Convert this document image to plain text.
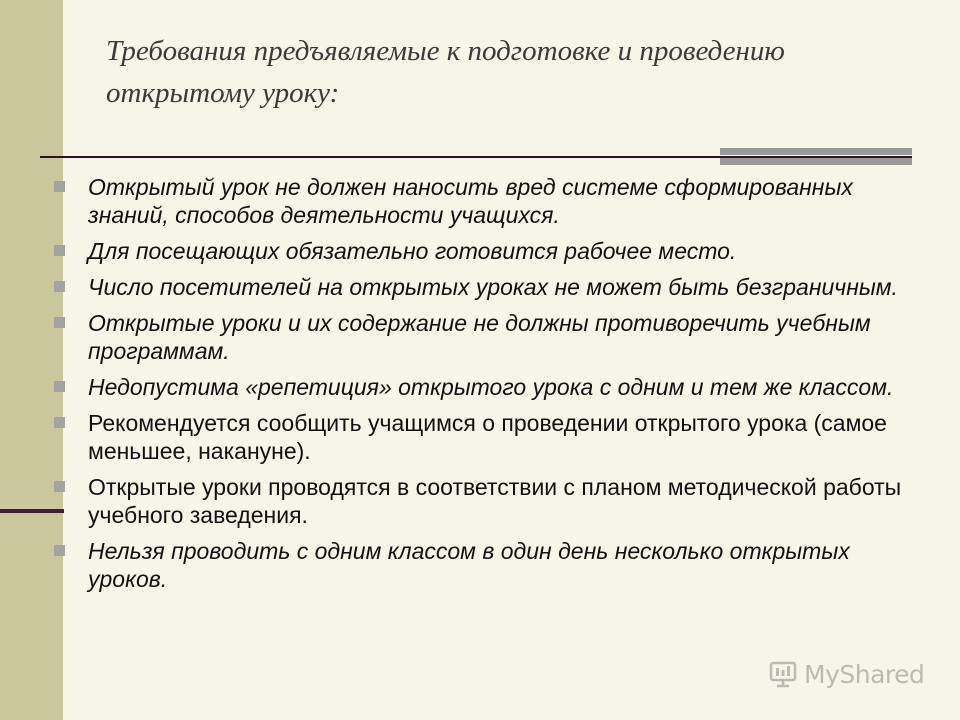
Требования предъявляемые к подготовке и проведению открытому уроку:
Открытый урок не должен наносить вред системе сформированных знаний, способов деятельности учащихся.
Для посещающих обязательно готовится рабочее место.
Число посетителей на открытых уроках не может быть безграничным.
Открытые уроки и их содержание не должны противоречить учебным программам.
Недопустима «репетиция» открытого урока с одним и тем же классом.
Рекомендуется сообщить учащимся о проведении открытого урока (самое меньшее, накануне).
Открытые уроки проводятся в соответствии с планом методической работы учебного заведения.
Нельзя проводить с одним классом в один день несколько открытых уроков.
MyShared
